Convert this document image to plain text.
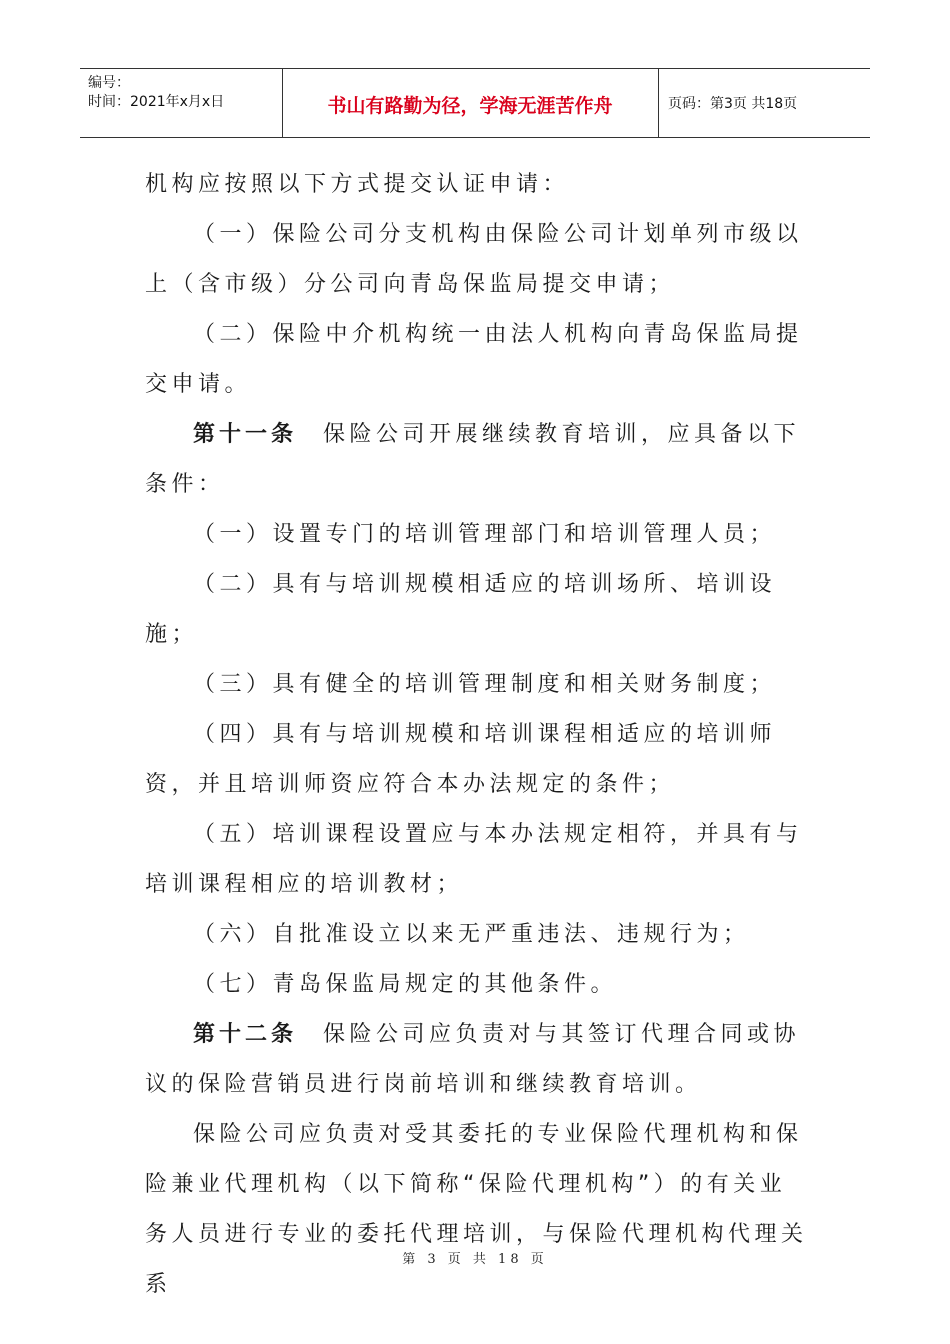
编号：
时间：2021年x月x日	书山有路勤为径，学海无涯苦作舟	页码：第3页 共18页

机构应按照以下方式提交认证申请：

（一）保险公司分支机构由保险公司计划单列市级以上（含市级）分公司向青岛保监局提交申请；

（二）保险中介机构统一由法人机构向青岛保监局提交申请。

第十一条 保险公司开展继续教育培训，应具备以下条件：

（一）设置专门的培训管理部门和培训管理人员；

（二）具有与培训规模相适应的培训场所、培训设施；

（三）具有健全的培训管理制度和相关财务制度；

（四）具有与培训规模和培训课程相适应的培训师资，并且培训师资应符合本办法规定的条件；

（五）培训课程设置应与本办法规定相符，并具有与培训课程相应的培训教材；

（六）自批准设立以来无严重违法、违规行为；

（七）青岛保监局规定的其他条件。

第十二条 保险公司应负责对与其签订代理合同或协议的保险营销员进行岗前培训和继续教育培训。

保险公司应负责对受其委托的专业保险代理机构和保险兼业代理机构（以下简称“保险代理机构”）的有关业务人员进行专业的委托代理培训，与保险代理机构代理关系

第 3 页 共 18 页
